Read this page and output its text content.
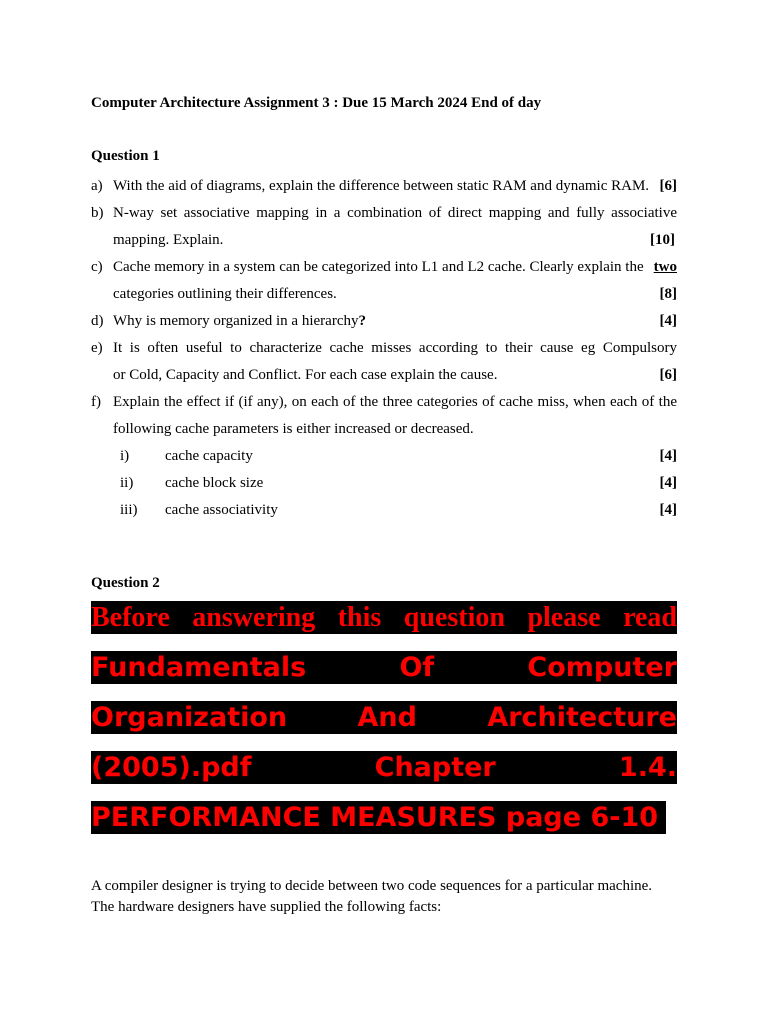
Computer Architecture Assignment 3 : Due 15 March 2024 End of day
Question 1
a) With the aid of diagrams, explain the difference between static RAM and dynamic RAM. [6]
b) N-way set associative mapping in a combination of direct mapping and fully associative
mapping. Explain.	[10]
c) Cache memory in a system can be categorized into L1 and L2 cache. Clearly explain the two
categories outlining their differences.	[8]
d) Why is memory organized in a hierarchy?	[4]
e) It is often useful to characterize cache misses according to their cause eg Compulsory
or Cold, Capacity and Conflict. For each case explain the cause.	[6]
f) Explain the effect if (if any), on each of the three categories of cache miss, when each of the
following cache parameters is either increased or decreased.
i)	cache capacity	[4]
ii)	cache block size	[4]
iii)	cache associativity	[4]
Question 2
Before answering this question please read
Fundamentals Of Computer
Organization And Architecture
(2005).pdf Chapter 1.4.
PERFORMANCE MEASURES page 6-10
A compiler designer is trying to decide between two code sequences for a particular machine.
The hardware designers have supplied the following facts:
